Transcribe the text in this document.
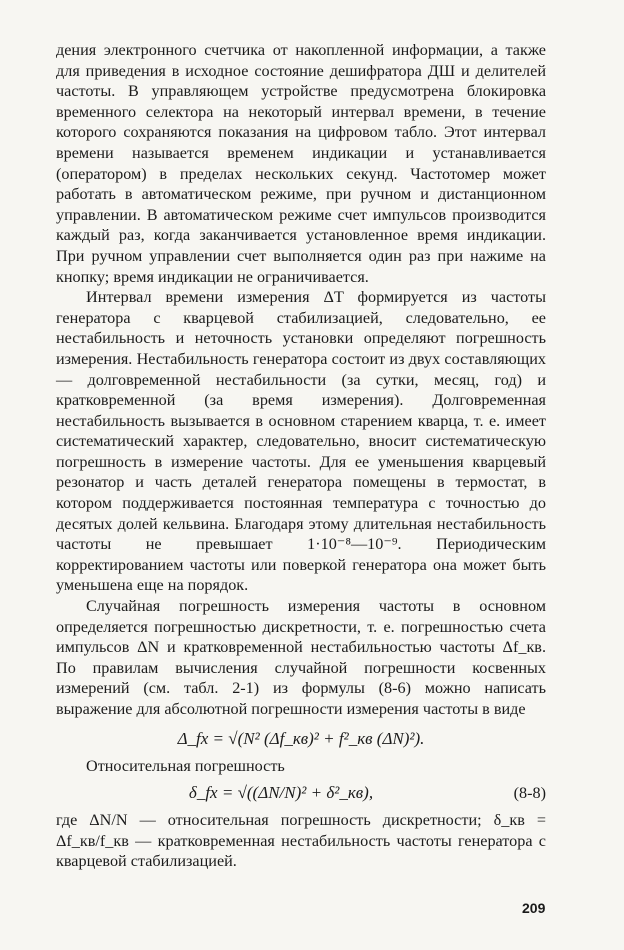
дения электронного счетчика от накопленной информации, а также для приведения в исходное состояние дешифратора ДШ и делителей частоты. В управляющем устройстве предусмотрена блокировка временного селектора на некоторый интервал времени, в течение которого сохраняются показания на цифровом табло. Этот интервал времени называется временем индикации и устанавливается (оператором) в пределах нескольких секунд. Частотомер может работать в автоматическом режиме, при ручном и дистанционном управлении. В автоматическом режиме счет импульсов производится каждый раз, когда заканчивается установленное время индикации. При ручном управлении счет выполняется один раз при нажиме на кнопку; время индикации не ограничивается.

Интервал времени измерения ΔT формируется из частоты генератора с кварцевой стабилизацией, следовательно, ее нестабильность и неточность установки определяют погрешность измерения. Нестабильность генератора состоит из двух составляющих — долговременной нестабильности (за сутки, месяц, год) и кратковременной (за время измерения). Долговременная нестабильность вызывается в основном старением кварца, т. е. имеет систематический характер, следовательно, вносит систематическую погрешность в измерение частоты. Для ее уменьшения кварцевый резонатор и часть деталей генератора помещены в термостат, в котором поддерживается постоянная температура с точностью до десятых долей кельвина. Благодаря этому длительная нестабильность частоты не превышает 1·10⁻⁸—10⁻⁹. Периодическим корректированием частоты или поверкой генератора она может быть уменьшена еще на порядок.

Случайная погрешность измерения частоты в основном определяется погрешностью дискретности, т. е. погрешностью счета импульсов ΔN и кратковременной нестабильностью частоты Δf_кв. По правилам вычисления случайной погрешности косвенных измерений (см. табл. 2-1) из формулы (8-6) можно написать выражение для абсолютной погрешности измерения частоты в виде

Δ_fx = √(N² (Δf_кв)² + f²_кв (ΔN)²).

Относительная погрешность

δ_fx = √((ΔN/N)² + δ²_кв),	(8-8)

где ΔN/N — относительная погрешность дискретности; δ_кв = Δf_кв/f_кв — кратковременная нестабильность частоты генератора с кварцевой стабилизацией.

209
